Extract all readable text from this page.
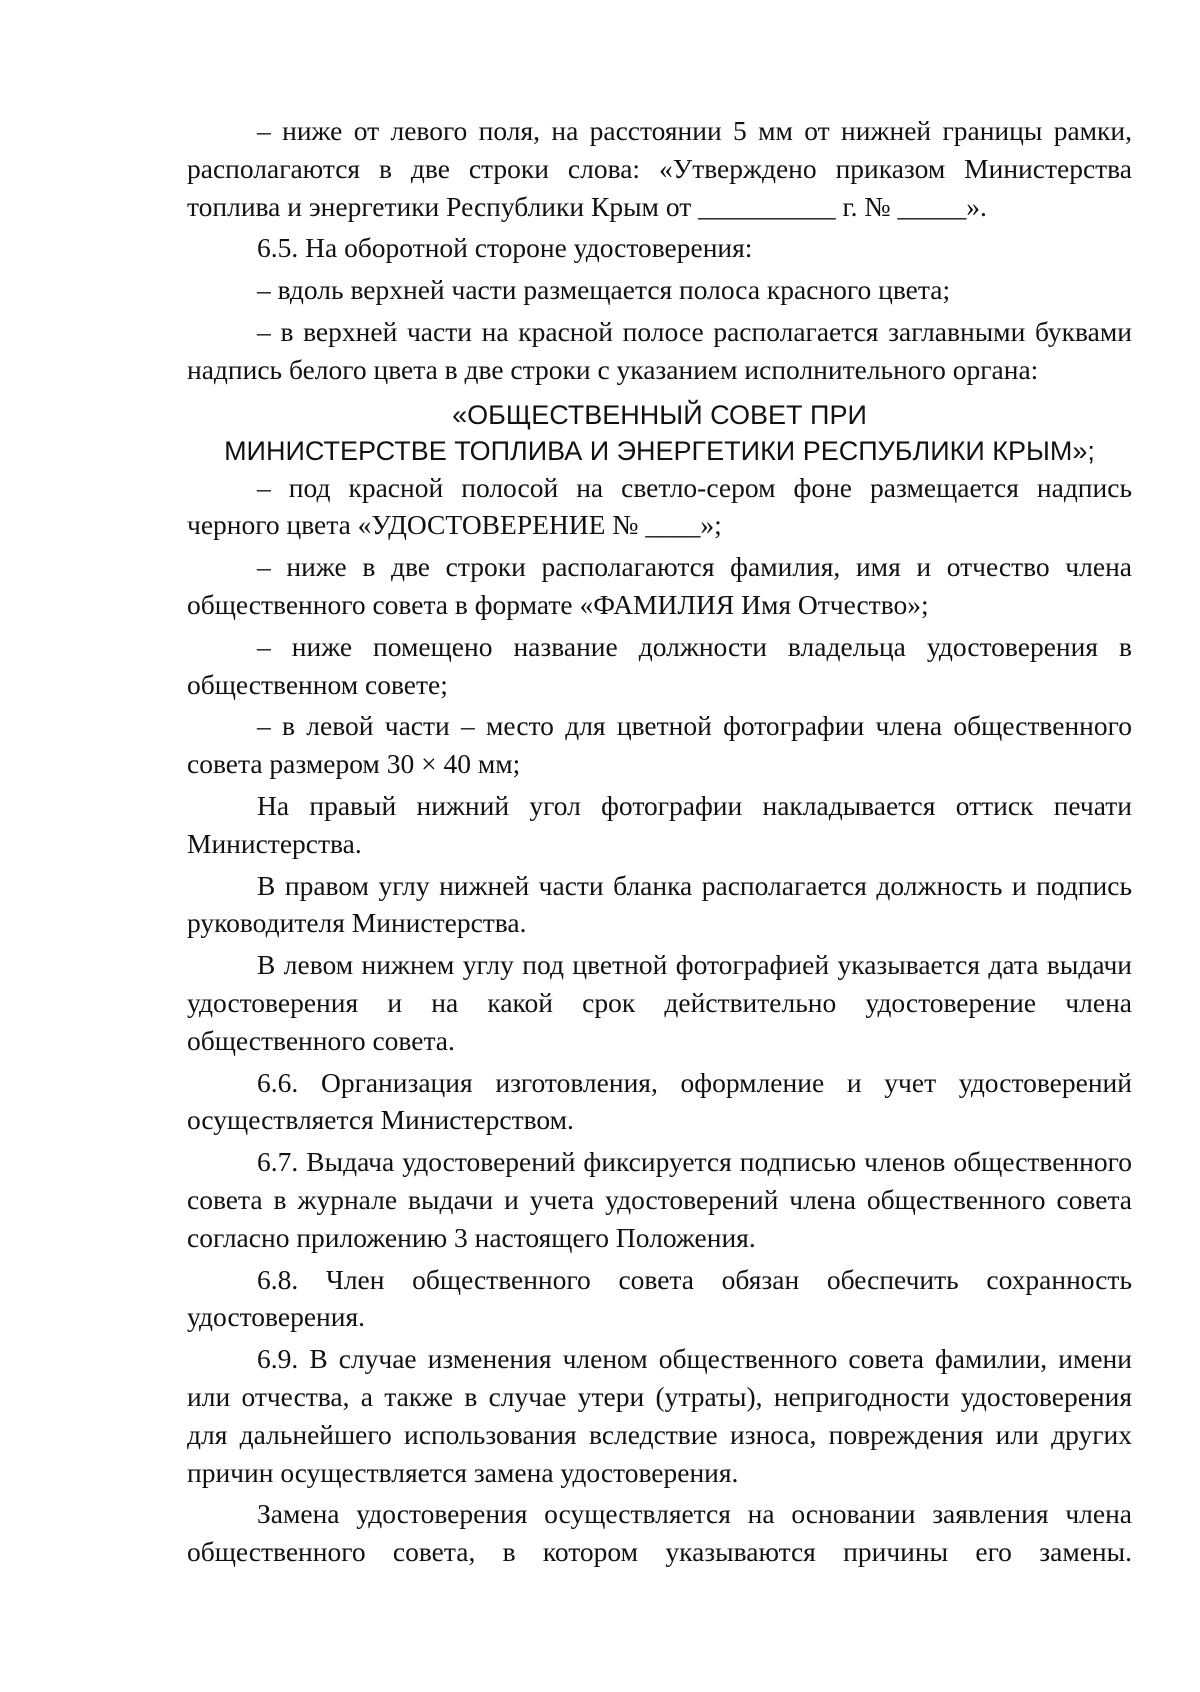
– ниже от левого поля, на расстоянии 5 мм от нижней границы рамки, располагаются в две строки слова: «Утверждено приказом Министерства топлива и энергетики Республики Крым от __________ г. № _____».

6.5. На оборотной стороне удостоверения:

– вдоль верхней части размещается полоса красного цвета;

– в верхней части на красной полосе располагается заглавными буквами надпись белого цвета в две строки с указанием исполнительного органа:

«ОБЩЕСТВЕННЫЙ СОВЕТ ПРИ
МИНИСТЕРСТВЕ ТОПЛИВА И ЭНЕРГЕТИКИ РЕСПУБЛИКИ КРЫМ»;

– под красной полосой на светло-сером фоне размещается надпись черного цвета «УДОСТОВЕРЕНИЕ № ____»;

– ниже в две строки располагаются фамилия, имя и отчество члена общественного совета в формате «ФАМИЛИЯ Имя Отчество»;

– ниже помещено название должности владельца удостоверения в общественном совете;

– в левой части – место для цветной фотографии члена общественного совета размером 30 × 40 мм;

На правый нижний угол фотографии накладывается оттиск печати Министерства.

В правом углу нижней части бланка располагается должность и подпись руководителя Министерства.

В левом нижнем углу под цветной фотографией указывается дата выдачи удостоверения и на какой срок действительно удостоверение члена общественного совета.

6.6. Организация изготовления, оформление и учет удостоверений осуществляется Министерством.

6.7. Выдача удостоверений фиксируется подписью членов общественного совета в журнале выдачи и учета удостоверений члена общественного совета согласно приложению 3 настоящего Положения.

6.8. Член общественного совета обязан обеспечить сохранность удостоверения.

6.9. В случае изменения членом общественного совета фамилии, имени или отчества, а также в случае утери (утраты), непригодности удостоверения для дальнейшего использования вследствие износа, повреждения или других причин осуществляется замена удостоверения.

Замена удостоверения осуществляется на основании заявления члена общественного совета, в котором указываются причины его замены.
